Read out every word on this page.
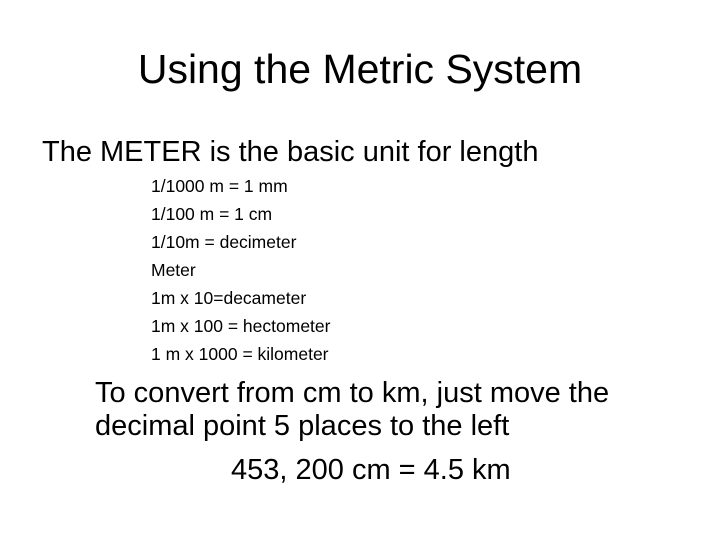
Using the Metric System
The METER is the basic unit for length
1/1000 m = 1 mm
1/100 m = 1 cm
1/10m = decimeter
Meter
1m x 10=decameter
1m x 100 = hectometer
1 m x 1000 = kilometer
To convert from cm to km, just move the
decimal point 5 places to the left
453, 200 cm = 4.5 km
